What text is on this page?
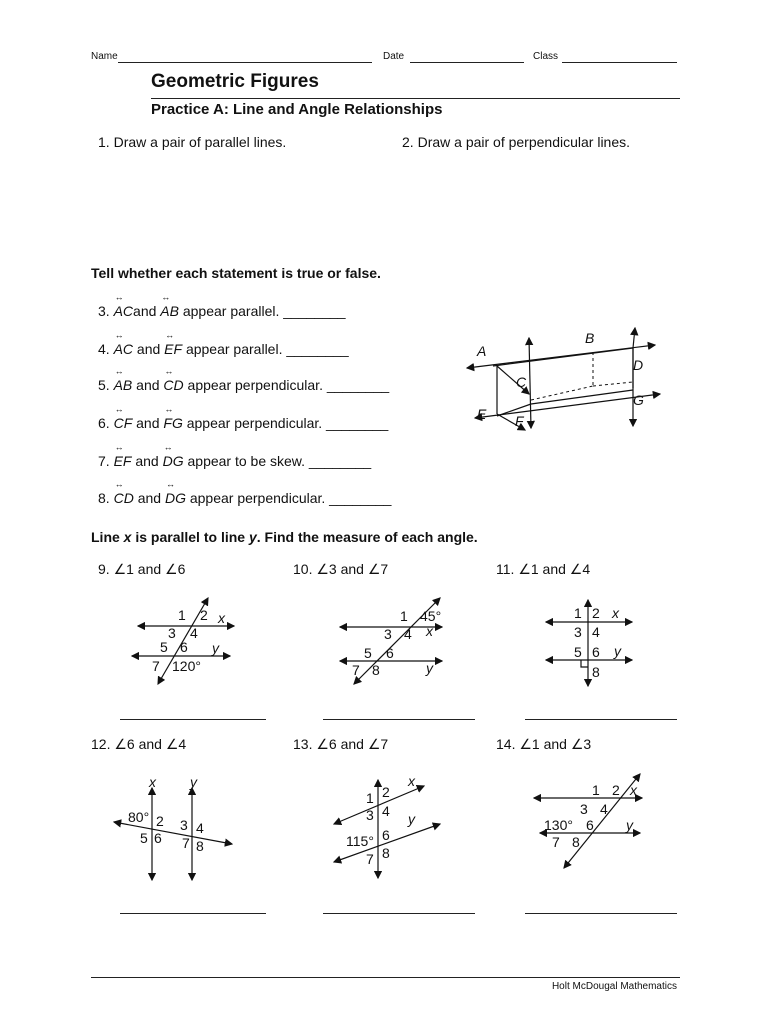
Name	Date	Class
Geometric Figures
Practice A: Line and Angle Relationships
1. Draw a pair of parallel lines.	2. Draw a pair of perpendicular lines.
Tell whether each statement is true or false.
3.
↔
ACand
↔
AB appear parallel. ________
4.
↔
AC and
↔
EF appear parallel. ________
5.
↔
AB and
↔
CD appear perpendicular. ________
6.
↔
CF and
↔
FG appear perpendicular. ________
7.
↔
EF and
↔
DG appear to be skew. ________
8.
↔
CD and
↔
DG appear perpendicular. ________
A
B
C
D
E F
G
Line x is parallel to line y. Find the measure of each angle.
9. ∠1 and ∠6	10. ∠3 and ∠7	11. ∠1 and ∠4
1 2 x
3 4
5 6 y
7 120°
1 45°
3 4 x
5 6
7 8	y
1 2 x
3 4
5 6 y
8
12. ∠6 and ∠4	13. ∠6 and ∠7	14. ∠1 and ∠3
x y
80° 2
5 6
3 4
7 8
x
1 2
3 4 y
115° 6
7 8
1 2 x
3 4
130° 6 y
7 8
Holt McDougal Mathematics
